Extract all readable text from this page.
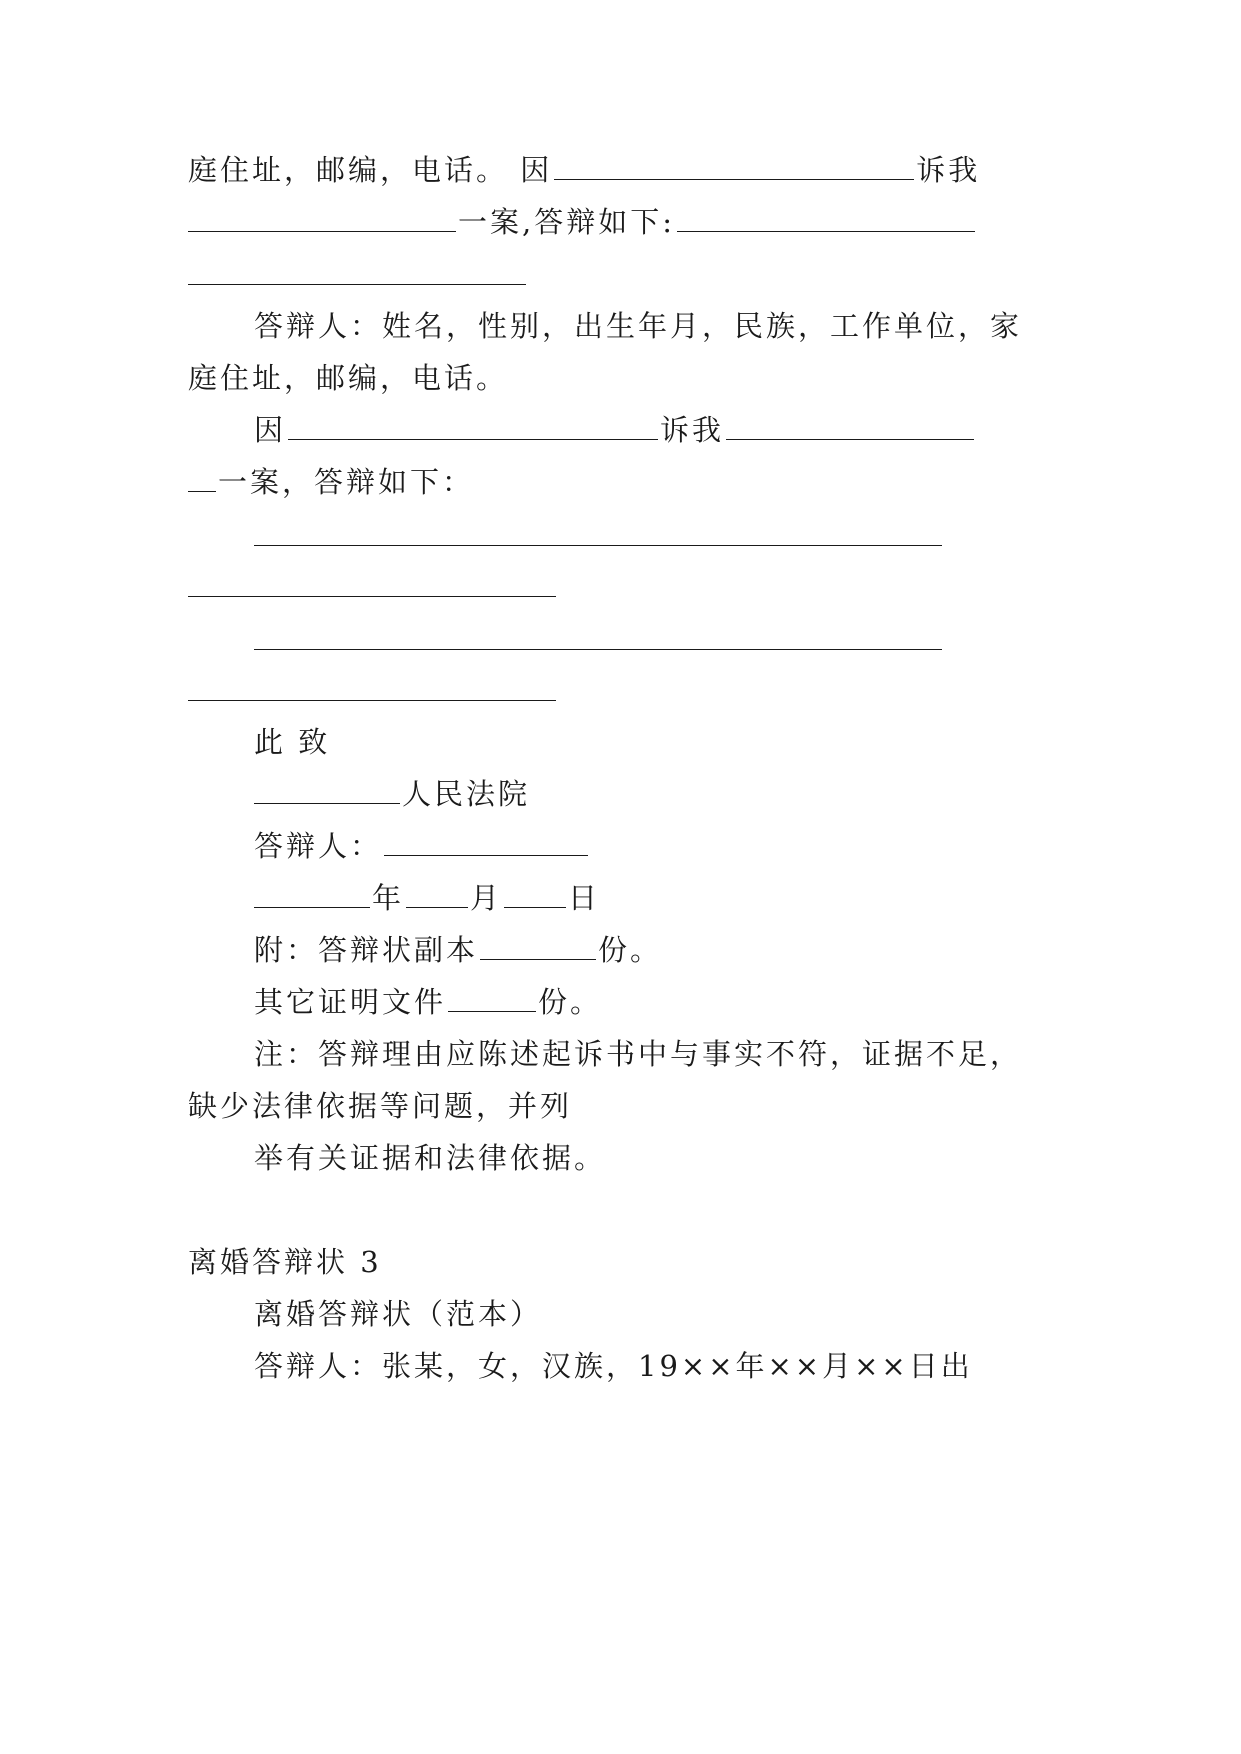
庭住址，邮编，电话。 因	诉我
一案,答辩如下:
答辩人：姓名，性别，出生年月，民族，工作单位，家
庭住址，邮编，电话。
因	诉我
一案，答辩如下：
此 致
人民法院
答辩人：
年 月 日
附：答辩状副本	份。
其它证明文件	份。
注：答辩理由应陈述起诉书中与事实不符，证据不足，
缺少法律依据等问题，并列
举有关证据和法律依据。
离婚答辩状 3
离婚答辩状（范本）
答辩人：张某，女，汉族，19××年××月××日出
